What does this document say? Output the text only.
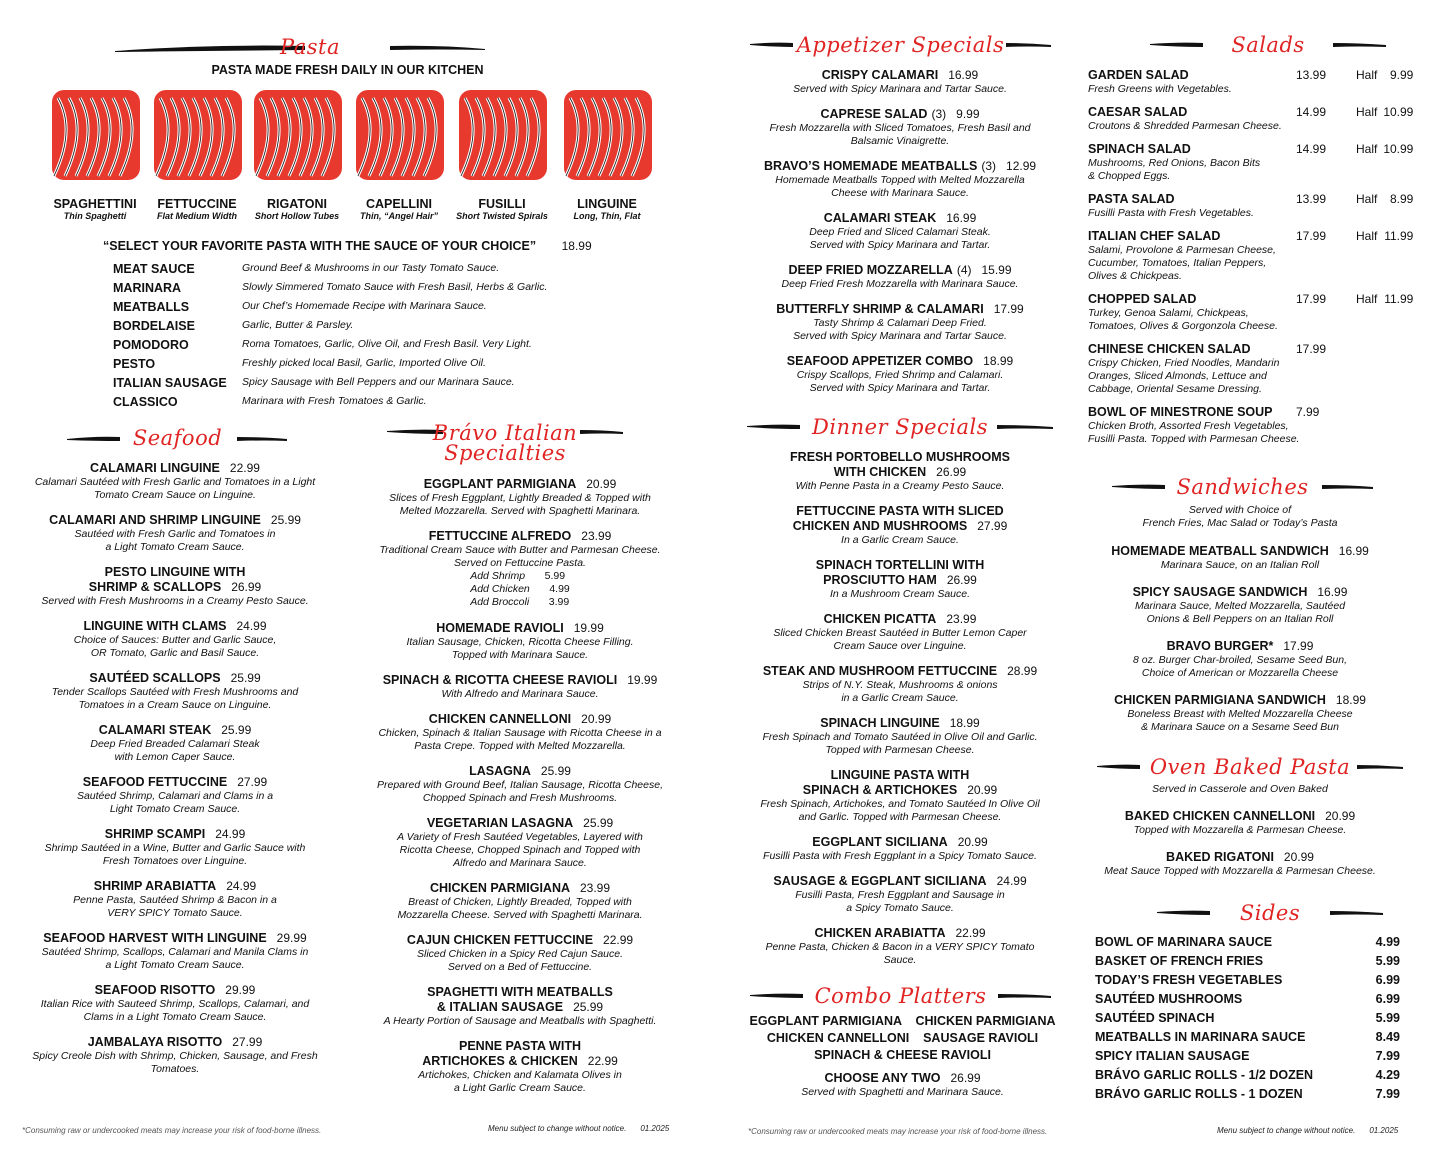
Pasta
PASTA MADE FRESH DAILY IN OUR KITCHEN
SPAGHETTINI
Thin Spaghetti
FETTUCCINE
Flat Medium Width
RIGATONI
Short Hollow Tubes
CAPELLINI
Thin, “Angel Hair”
FUSILLI
Short Twisted Spirals
LINGUINE
Long, Thin, Flat
“SELECT YOUR FAVORITE PASTA WITH THE SAUCE OF YOUR CHOICE” 18.99
MEAT SAUCE	Ground Beef & Mushrooms in our Tasty Tomato Sauce.
MARINARA	Slowly Simmered Tomato Sauce with Fresh Basil, Herbs & Garlic.
MEATBALLS	Our Chef’s Homemade Recipe with Marinara Sauce.
BORDELAISE	Garlic, Butter & Parsley.
POMODORO	Roma Tomatoes, Garlic, Olive Oil, and Fresh Basil. Very Light.
PESTO	Freshly picked local Basil, Garlic, Imported Olive Oil.
ITALIAN SAUSAGE	Spicy Sausage with Bell Peppers and our Marinara Sauce.
CLASSICO	Marinara with Fresh Tomatoes & Garlic.
Seafood
CALAMARI LINGUINE 22.99
Calamari Sautéed with Fresh Garlic and Tomatoes in a Light
Tomato Cream Sauce on Linguine.
CALAMARI AND SHRIMP LINGUINE 25.99
Sautéed with Fresh Garlic and Tomatoes in
a Light Tomato Cream Sauce.
PESTO LINGUINE WITH
SHRIMP & SCALLOPS 26.99
Served with Fresh Mushrooms in a Creamy Pesto Sauce.
LINGUINE WITH CLAMS 24.99
Choice of Sauces: Butter and Garlic Sauce,
OR Tomato, Garlic and Basil Sauce.
SAUTÉED SCALLOPS 25.99
Tender Scallops Sautéed with Fresh Mushrooms and
Tomatoes in a Cream Sauce on Linguine.
CALAMARI STEAK 25.99
Deep Fried Breaded Calamari Steak
with Lemon Caper Sauce.
SEAFOOD FETTUCCINE 27.99
Sautéed Shrimp, Calamari and Clams in a
Light Tomato Cream Sauce.
SHRIMP SCAMPI 24.99
Shrimp Sautéed in a Wine, Butter and Garlic Sauce with
Fresh Tomatoes over Linguine.
SHRIMP ARABIATTA 24.99
Penne Pasta, Sautéed Shrimp & Bacon in a
VERY SPICY Tomato Sauce.
SEAFOOD HARVEST WITH LINGUINE 29.99
Sautéed Shrimp, Scallops, Calamari and Manila Clams in
a Light Tomato Cream Sauce.
SEAFOOD RISOTTO 29.99
Italian Rice with Sauteed Shrimp, Scallops, Calamari, and
Clams in a Light Tomato Cream Sauce.
JAMBALAYA RISOTTO 27.99
Spicy Creole Dish with Shrimp, Chicken, Sausage, and Fresh
Tomatoes.
Brávo Italian
Specialties
EGGPLANT PARMIGIANA 20.99
Slices of Fresh Eggplant, Lightly Breaded & Topped with
Melted Mozzarella. Served with Spaghetti Marinara.
FETTUCCINE ALFREDO 23.99
Traditional Cream Sauce with Butter and Parmesan Cheese.
Served on Fettuccine Pasta.
Add Shrimp 5.99
Add Chicken 4.99
Add Broccoli 3.99
HOMEMADE RAVIOLI 19.99
Italian Sausage, Chicken, Ricotta Cheese Filling.
Topped with Marinara Sauce.
SPINACH & RICOTTA CHEESE RAVIOLI 19.99
With Alfredo and Marinara Sauce.
CHICKEN CANNELLONI 20.99
Chicken, Spinach & Italian Sausage with Ricotta Cheese in a
Pasta Crepe. Topped with Melted Mozzarella.
LASAGNA 25.99
Prepared with Ground Beef, Italian Sausage, Ricotta Cheese,
Chopped Spinach and Fresh Mushrooms.
VEGETARIAN LASAGNA 25.99
A Variety of Fresh Sautéed Vegetables, Layered with
Ricotta Cheese, Chopped Spinach and Topped with
Alfredo and Marinara Sauce.
CHICKEN PARMIGIANA 23.99
Breast of Chicken, Lightly Breaded, Topped with
Mozzarella Cheese. Served with Spaghetti Marinara.
CAJUN CHICKEN FETTUCCINE 22.99
Sliced Chicken in a Spicy Red Cajun Sauce.
Served on a Bed of Fettuccine.
SPAGHETTI WITH MEATBALLS
& ITALIAN SAUSAGE 25.99
A Hearty Portion of Sausage and Meatballs with Spaghetti.
PENNE PASTA WITH
ARTICHOKES & CHICKEN 22.99
Artichokes, Chicken and Kalamata Olives in
a Light Garlic Cream Sauce.
Appetizer Specials
CRISPY CALAMARI 16.99
Served with Spicy Marinara and Tartar Sauce.
CAPRESE SALAD (3) 9.99
Fresh Mozzarella with Sliced Tomatoes, Fresh Basil and
Balsamic Vinaigrette.
BRAVO’S HOMEMADE MEATBALLS (3) 12.99
Homemade Meatballs Topped with Melted Mozzarella
Cheese with Marinara Sauce.
CALAMARI STEAK 16.99
Deep Fried and Sliced Calamari Steak.
Served with Spicy Marinara and Tartar.
DEEP FRIED MOZZARELLA (4) 15.99
Deep Fried Fresh Mozzarella with Marinara Sauce.
BUTTERFLY SHRIMP & CALAMARI 17.99
Tasty Shrimp & Calamari Deep Fried.
Served with Spicy Marinara and Tartar Sauce.
SEAFOOD APPETIZER COMBO 18.99
Crispy Scallops, Fried Shrimp and Calamari.
Served with Spicy Marinara and Tartar.
Dinner Specials
FRESH PORTOBELLO MUSHROOMS
WITH CHICKEN 26.99
With Penne Pasta in a Creamy Pesto Sauce.
FETTUCCINE PASTA WITH SLICED
CHICKEN AND MUSHROOMS 27.99
In a Garlic Cream Sauce.
SPINACH TORTELLINI WITH
PROSCIUTTO HAM 26.99
In a Mushroom Cream Sauce.
CHICKEN PICATTA 23.99
Sliced Chicken Breast Sautéed in Butter Lemon Caper
Cream Sauce over Linguine.
STEAK AND MUSHROOM FETTUCCINE 28.99
Strips of N.Y. Steak, Mushrooms & onions
in a Garlic Cream Sauce.
SPINACH LINGUINE 18.99
Fresh Spinach and Tomato Sautéed in Olive Oil and Garlic.
Topped with Parmesan Cheese.
LINGUINE PASTA WITH
SPINACH & ARTICHOKES 20.99
Fresh Spinach, Artichokes, and Tomato Sautéed In Olive Oil
and Garlic. Topped with Parmesan Cheese.
EGGPLANT SICILIANA 20.99
Fusilli Pasta with Fresh Eggplant in a Spicy Tomato Sauce.
SAUSAGE & EGGPLANT SICILIANA 24.99
Fusilli Pasta, Fresh Eggplant and Sausage in
a Spicy Tomato Sauce.
CHICKEN ARABIATTA 22.99
Penne Pasta, Chicken & Bacon in a VERY SPICY Tomato
Sauce.
Combo Platters
EGGPLANT PARMIGIANA    CHICKEN PARMIGIANA
CHICKEN CANNELLONI    SAUSAGE RAVIOLI
SPINACH & CHEESE RAVIOLI
CHOOSE ANY TWO 26.99
Served with Spaghetti and Marinara Sauce.
Salads
GARDEN SALAD	13.99	Half 9.99
Fresh Greens with Vegetables.
CAESAR SALAD	14.99	Half 10.99
Croutons & Shredded Parmesan Cheese.
SPINACH SALAD	14.99	Half 10.99
Mushrooms, Red Onions, Bacon Bits
& Chopped Eggs.
PASTA SALAD	13.99	Half 8.99
Fusilli Pasta with Fresh Vegetables.
ITALIAN CHEF SALAD	17.99	Half 11.99
Salami, Provolone & Parmesan Cheese,
Cucumber, Tomatoes, Italian Peppers,
Olives & Chickpeas.
CHOPPED SALAD	17.99	Half 11.99
Turkey, Genoa Salami, Chickpeas,
Tomatoes, Olives & Gorgonzola Cheese.
CHINESE CHICKEN SALAD	17.99
Crispy Chicken, Fried Noodles, Mandarin
Oranges, Sliced Almonds, Lettuce and
Cabbage, Oriental Sesame Dressing.
BOWL OF MINESTRONE SOUP	7.99
Chicken Broth, Assorted Fresh Vegetables,
Fusilli Pasta. Topped with Parmesan Cheese.
Sandwiches
Served with Choice of
French Fries, Mac Salad or Today’s Pasta
HOMEMADE MEATBALL SANDWICH 16.99
Marinara Sauce, on an Italian Roll
SPICY SAUSAGE SANDWICH 16.99
Marinara Sauce, Melted Mozzarella, Sautéed
Onions & Bell Peppers on an Italian Roll
BRAVO BURGER* 17.99
8 oz. Burger Char-broiled, Sesame Seed Bun,
Choice of American or Mozzarella Cheese
CHICKEN PARMIGIANA SANDWICH 18.99
Boneless Breast with Melted Mozzarella Cheese
& Marinara Sauce on a Sesame Seed Bun
Oven Baked Pasta
Served in Casserole and Oven Baked
BAKED CHICKEN CANNELLONI 20.99
Topped with Mozzarella & Parmesan Cheese.
BAKED RIGATONI 20.99
Meat Sauce Topped with Mozzarella & Parmesan Cheese.
Sides
BOWL OF MARINARA SAUCE	4.99
BASKET OF FRENCH FRIES	5.99
TODAY’S FRESH VEGETABLES	6.99
SAUTÉED MUSHROOMS	6.99
SAUTÉED SPINACH	5.99
MEATBALLS IN MARINARA SAUCE	8.49
SPICY ITALIAN SAUSAGE	7.99
BRÁVO GARLIC ROLLS - 1/2 DOZEN	4.29
BRÁVO GARLIC ROLLS - 1 DOZEN	7.99
*Consuming raw or undercooked meats may increase your risk of food-borne illness.	Menu subject to change without notice. 01.2025	*Consuming raw or undercooked meats may increase your risk of food-borne illness.	Menu subject to change without notice. 01.2025
